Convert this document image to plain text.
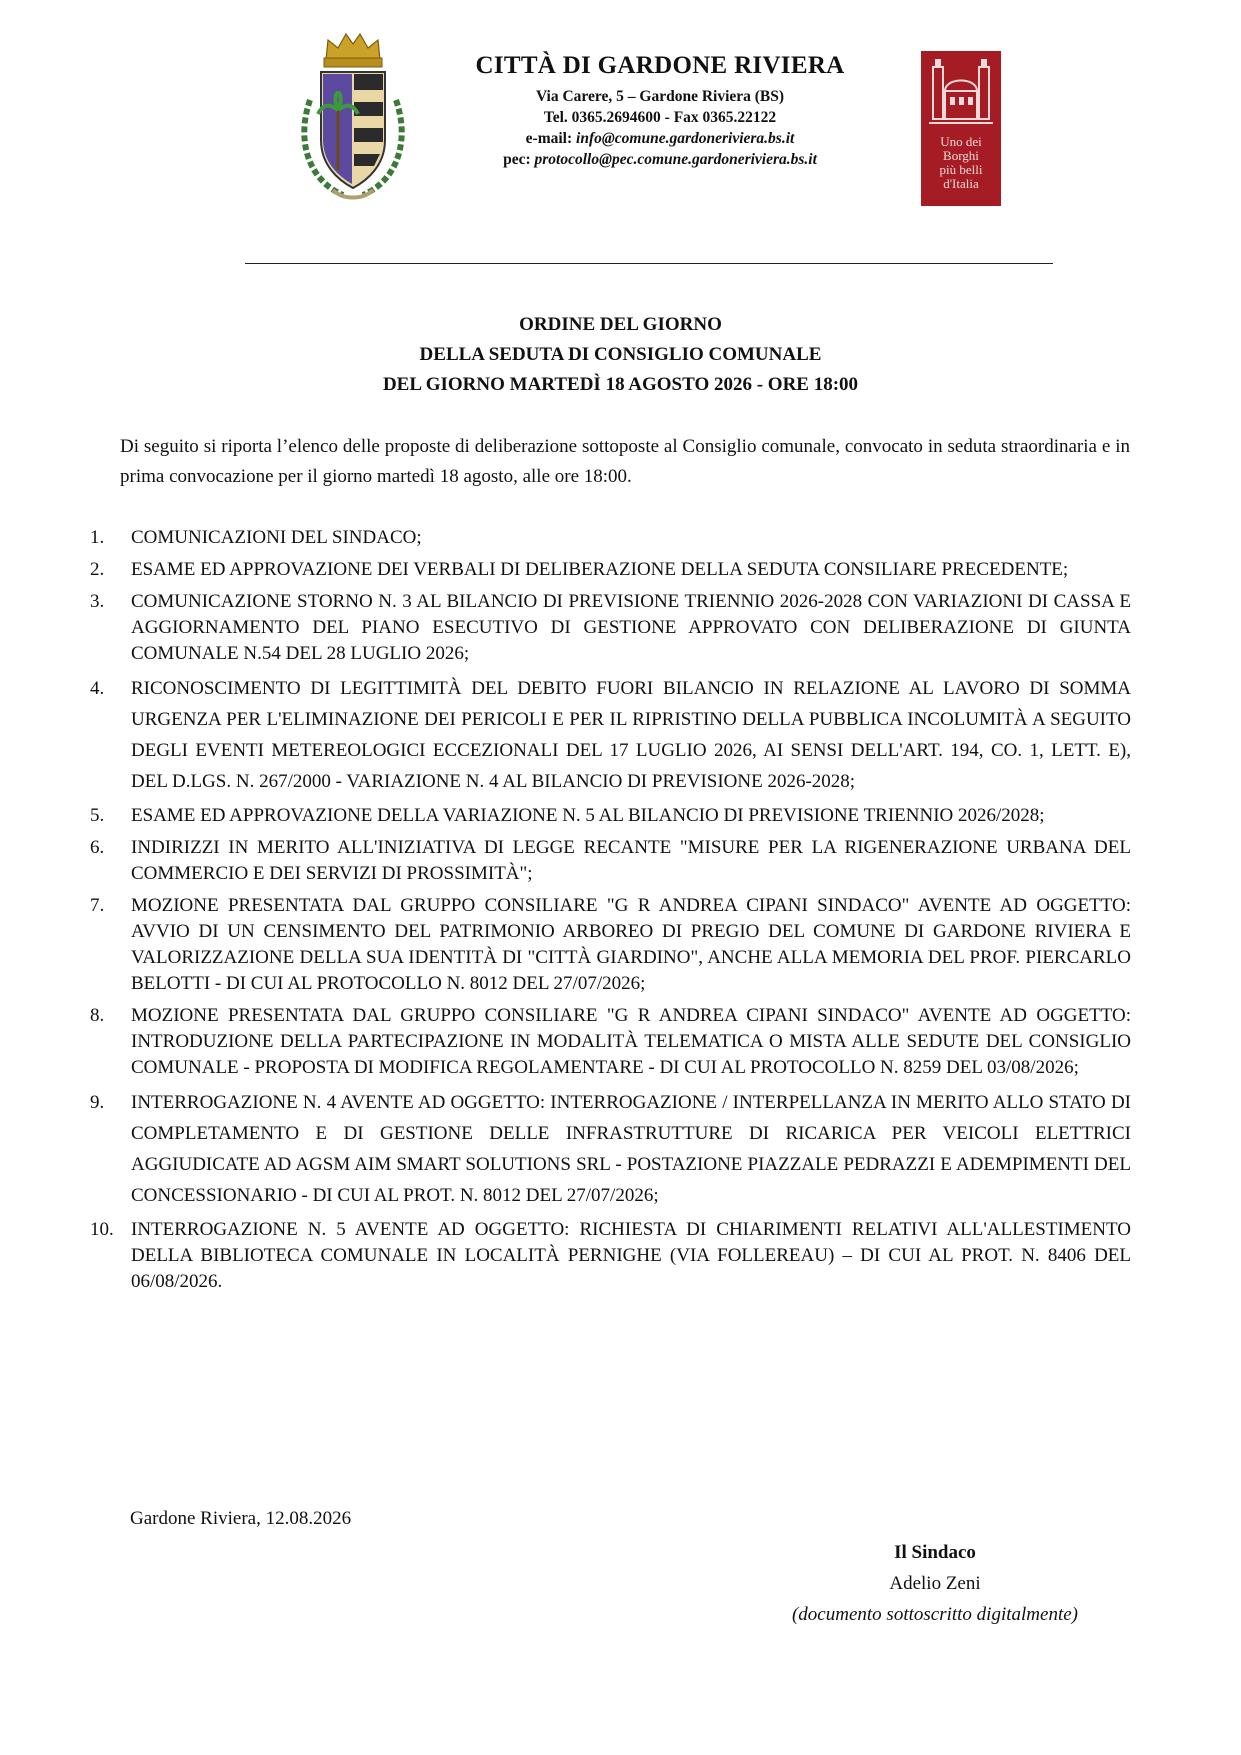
CITTÀ DI GARDONE RIVIERA
Via Carere, 5 – Gardone Riviera (BS)
Tel. 0365.2694600 - Fax 0365.22122
e-mail: info@comune.gardoneriviera.bs.it
pec: protocollo@pec.comune.gardoneriviera.bs.it
Uno dei
Borghi
più belli
d'Italia
ORDINE DEL GIORNO
DELLA SEDUTA DI CONSIGLIO COMUNALE
DEL GIORNO MARTEDÌ 18 AGOSTO 2026 - ORE 18:00
Di seguito si riporta l’elenco delle proposte di deliberazione sottoposte al Consiglio comunale, convocato in seduta straordinaria e in prima convocazione per il giorno martedì 18 agosto, alle ore 18:00.
1. COMUNICAZIONI DEL SINDACO;
2. ESAME ED APPROVAZIONE DEI VERBALI DI DELIBERAZIONE DELLA SEDUTA CONSILIARE PRECEDENTE;
3. COMUNICAZIONE STORNO N. 3 AL BILANCIO DI PREVISIONE TRIENNIO 2026-2028 CON VARIAZIONI DI CASSA E AGGIORNAMENTO DEL PIANO ESECUTIVO DI GESTIONE APPROVATO CON DELIBERAZIONE DI GIUNTA COMUNALE N.54 DEL 28 LUGLIO 2026;
4. RICONOSCIMENTO DI LEGITTIMITÀ DEL DEBITO FUORI BILANCIO IN RELAZIONE AL LAVORO DI SOMMA URGENZA PER L'ELIMINAZIONE DEI PERICOLI E PER IL RIPRISTINO DELLA PUBBLICA INCOLUMITÀ A SEGUITO DEGLI EVENTI METEREOLOGICI ECCEZIONALI DEL 17 LUGLIO 2026, AI SENSI DELL'ART. 194, CO. 1, LETT. E), DEL D.LGS. N. 267/2000 - VARIAZIONE N. 4 AL BILANCIO DI PREVISIONE 2026-2028;
5. ESAME ED APPROVAZIONE DELLA VARIAZIONE N. 5 AL BILANCIO DI PREVISIONE TRIENNIO 2026/2028;
6. INDIRIZZI IN MERITO ALL'INIZIATIVA DI LEGGE RECANTE "MISURE PER LA RIGENERAZIONE URBANA DEL COMMERCIO E DEI SERVIZI DI PROSSIMITÀ";
7. MOZIONE PRESENTATA DAL GRUPPO CONSILIARE "G R ANDREA CIPANI SINDACO" AVENTE AD OGGETTO: AVVIO DI UN CENSIMENTO DEL PATRIMONIO ARBOREO DI PREGIO DEL COMUNE DI GARDONE RIVIERA E VALORIZZAZIONE DELLA SUA IDENTITÀ DI "CITTÀ GIARDINO", ANCHE ALLA MEMORIA DEL PROF. PIERCARLO BELOTTI - DI CUI AL PROTOCOLLO N. 8012 DEL 27/07/2026;
8. MOZIONE PRESENTATA DAL GRUPPO CONSILIARE "G R ANDREA CIPANI SINDACO" AVENTE AD OGGETTO: INTRODUZIONE DELLA PARTECIPAZIONE IN MODALITÀ TELEMATICA O MISTA ALLE SEDUTE DEL CONSIGLIO COMUNALE - PROPOSTA DI MODIFICA REGOLAMENTARE - DI CUI AL PROTOCOLLO N. 8259 DEL 03/08/2026;
9. INTERROGAZIONE N. 4 AVENTE AD OGGETTO: INTERROGAZIONE / INTERPELLANZA IN MERITO ALLO STATO DI COMPLETAMENTO E DI GESTIONE DELLE INFRASTRUTTURE DI RICARICA PER VEICOLI ELETTRICI AGGIUDICATE AD AGSM AIM SMART SOLUTIONS SRL - POSTAZIONE PIAZZALE PEDRAZZI E ADEMPIMENTI DEL CONCESSIONARIO - DI CUI AL PROT. N. 8012 DEL 27/07/2026;
10. INTERROGAZIONE N. 5 AVENTE AD OGGETTO: RICHIESTA DI CHIARIMENTI RELATIVI ALL'ALLESTIMENTO DELLA BIBLIOTECA COMUNALE IN LOCALITÀ PERNIGHE (VIA FOLLEREAU) – DI CUI AL PROT. N. 8406 DEL 06/08/2026.
Gardone Riviera, 12.08.2026
Il Sindaco
Adelio Zeni
(documento sottoscritto digitalmente)
